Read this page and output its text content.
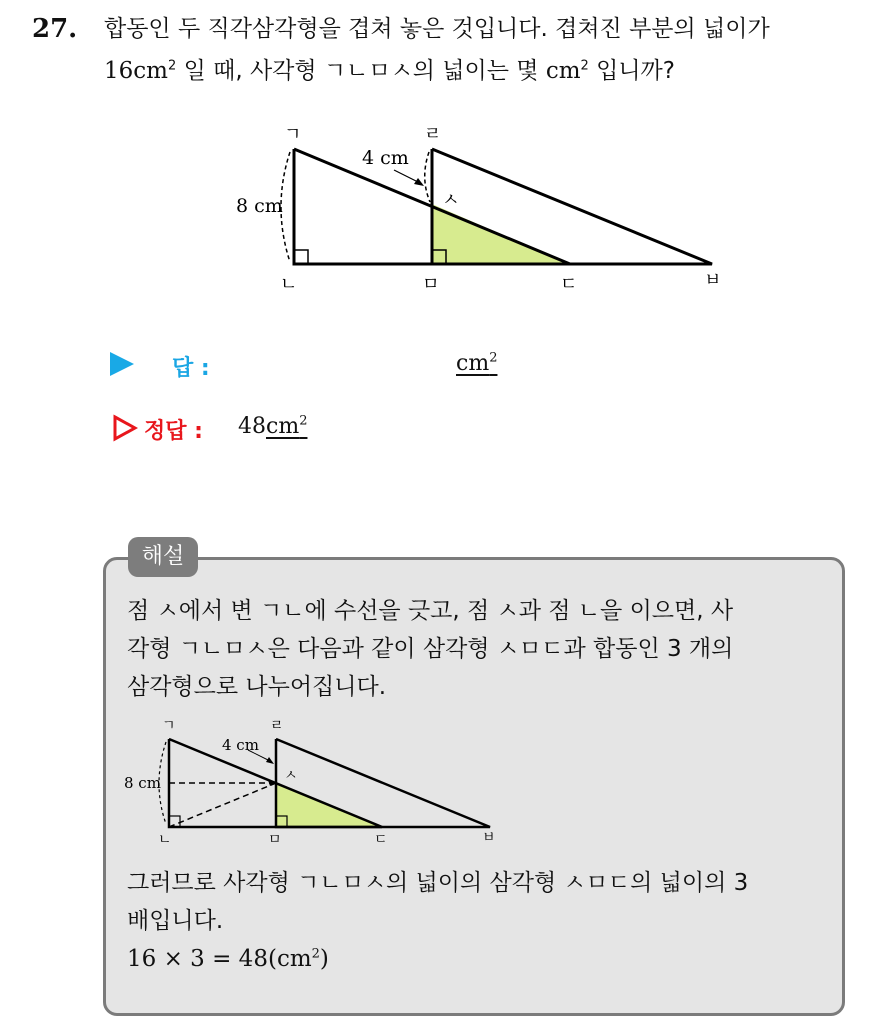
27. 합동인 두 직각삼각형을 겹쳐 놓은 것입니다. 겹쳐진 부분의 넓이가
$16cm^2$ 일 때, 사각형 ㄱㄴㅁㅅ의 넓이는 몇 $cm^2$ 입니까?
ㄱ
ㄴ
ㄹ
ㅅ
ㅁ	ㄷ	ㅂ
8 cm
4 cm
답 :	$cm^2$
정답 : $48cm^2$
해설
점 ㅅ에서 변 ㄱㄴ에 수선을 긋고, 점 ㅅ과 점 ㄴ을 이으면, 사
각형 ㄱㄴㅁㅅ은 다음과 같이 삼각형 ㅅㅁㄷ과 합동인 3 개의
삼각형으로 나누어집니다.
ㄱ
ㄴ
ㄹ
ㅅ
ㅁ	ㄷ	ㅂ
8 cm
4 cm
그러므로 사각형 ㄱㄴㅁㅅ의 넓이의 삼각형 ㅅㅁㄷ의 넓이의 3
배입니다.
$16 \times 3 = 48(cm^2)$
